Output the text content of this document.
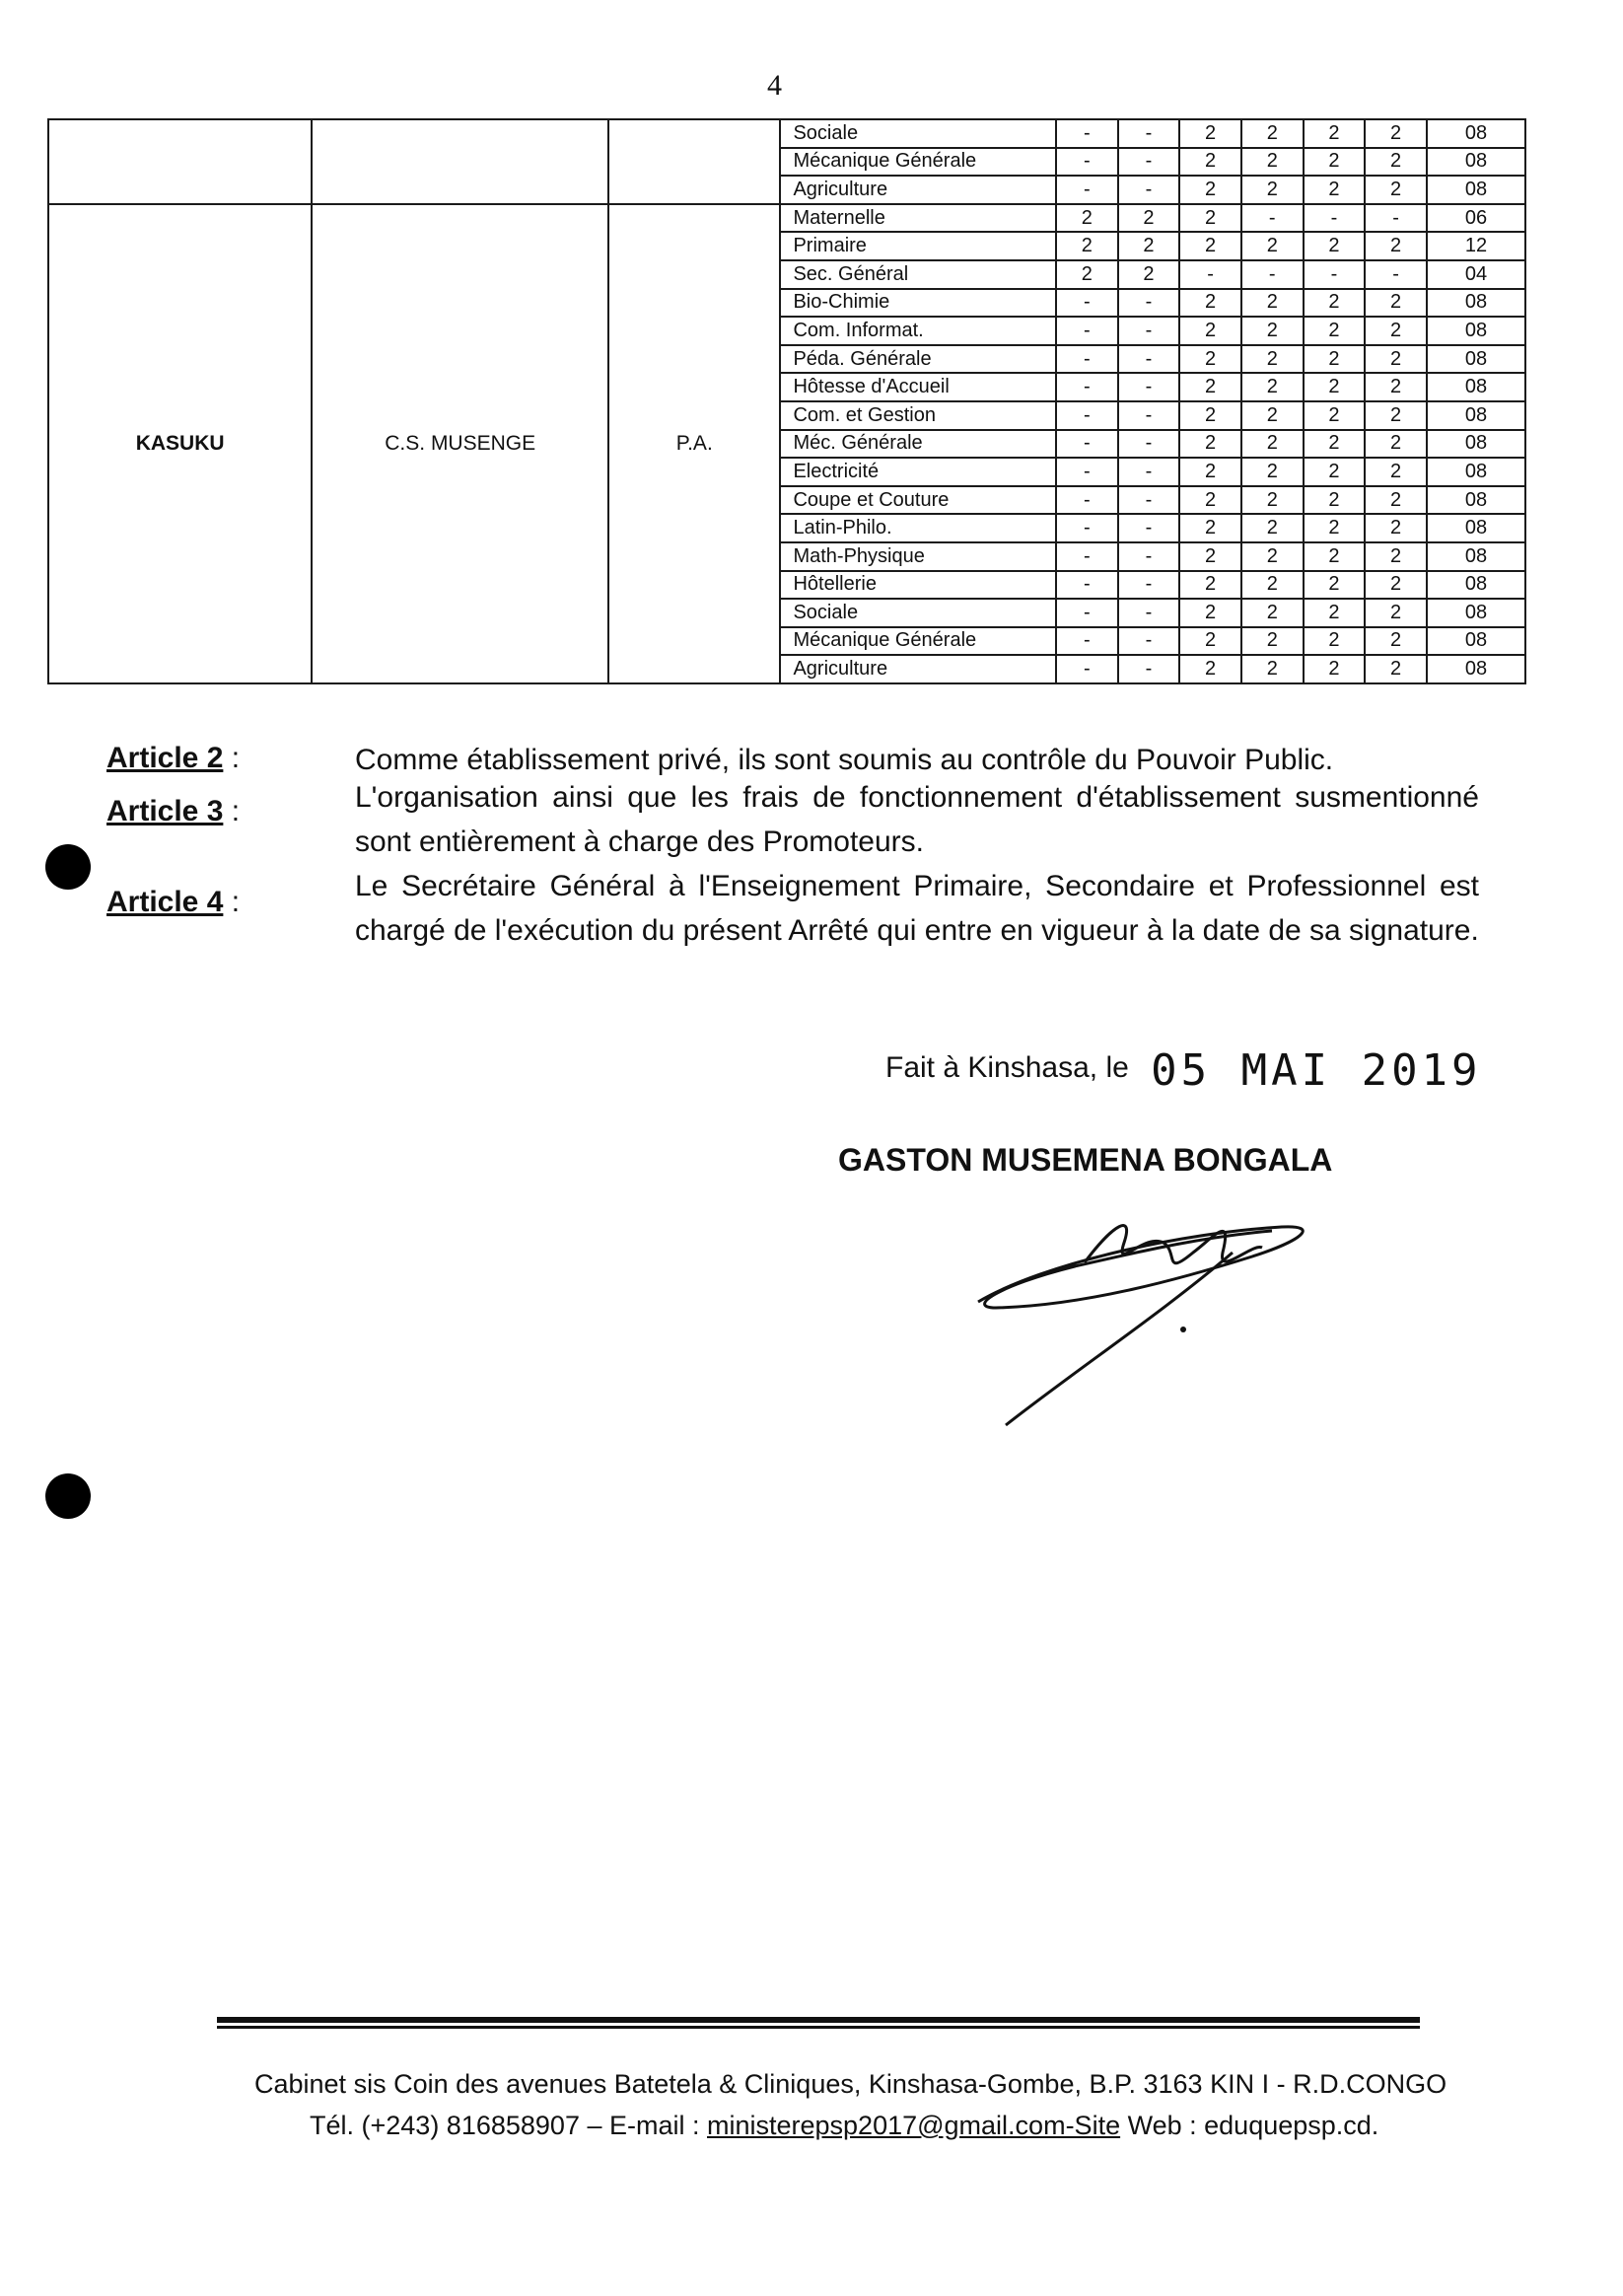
4
			Sociale	-	-	2	2	2	2	08
			Mécanique Générale	-	-	2	2	2	2	08
			Agriculture	-	-	2	2	2	2	08
KASUKU	C.S. MUSENGE	P.A.	Maternelle	2	2	2	-	-	-	06
			Primaire	2	2	2	2	2	2	12
			Sec. Général	2	2	-	-	-	-	04
			Bio-Chimie	-	-	2	2	2	2	08
			Com. Informat.	-	-	2	2	2	2	08
			Péda. Générale	-	-	2	2	2	2	08
			Hôtesse d'Accueil	-	-	2	2	2	2	08
			Com. et Gestion	-	-	2	2	2	2	08
			Méc. Générale	-	-	2	2	2	2	08
			Electricité	-	-	2	2	2	2	08
			Coupe et Couture	-	-	2	2	2	2	08
			Latin-Philo.	-	-	2	2	2	2	08
			Math-Physique	-	-	2	2	2	2	08
			Hôtellerie	-	-	2	2	2	2	08
			Sociale	-	-	2	2	2	2	08
			Mécanique Générale	-	-	2	2	2	2	08
			Agriculture	-	-	2	2	2	2	08
Article 2 :	Comme établissement privé, ils sont soumis au contrôle du Pouvoir Public.
Article 3 :	L'organisation ainsi que les frais de fonctionnement d'établissement susmentionné sont entièrement à charge des Promoteurs.
Article 4 :	Le Secrétaire Général à l'Enseignement Primaire, Secondaire et Professionnel est chargé de l'exécution du présent Arrêté qui entre en vigueur à la date de sa signature.
Fait à Kinshasa, le 05 MAI 2019
GASTON MUSEMENA BONGALA
Cabinet sis Coin des avenues Batetela & Cliniques, Kinshasa-Gombe, B.P. 3163 KIN I - R.D.CONGO
Tél. (+243) 816858907 – E-mail : ministerepsp2017@gmail.com-Site Web : eduquepsp.cd.
